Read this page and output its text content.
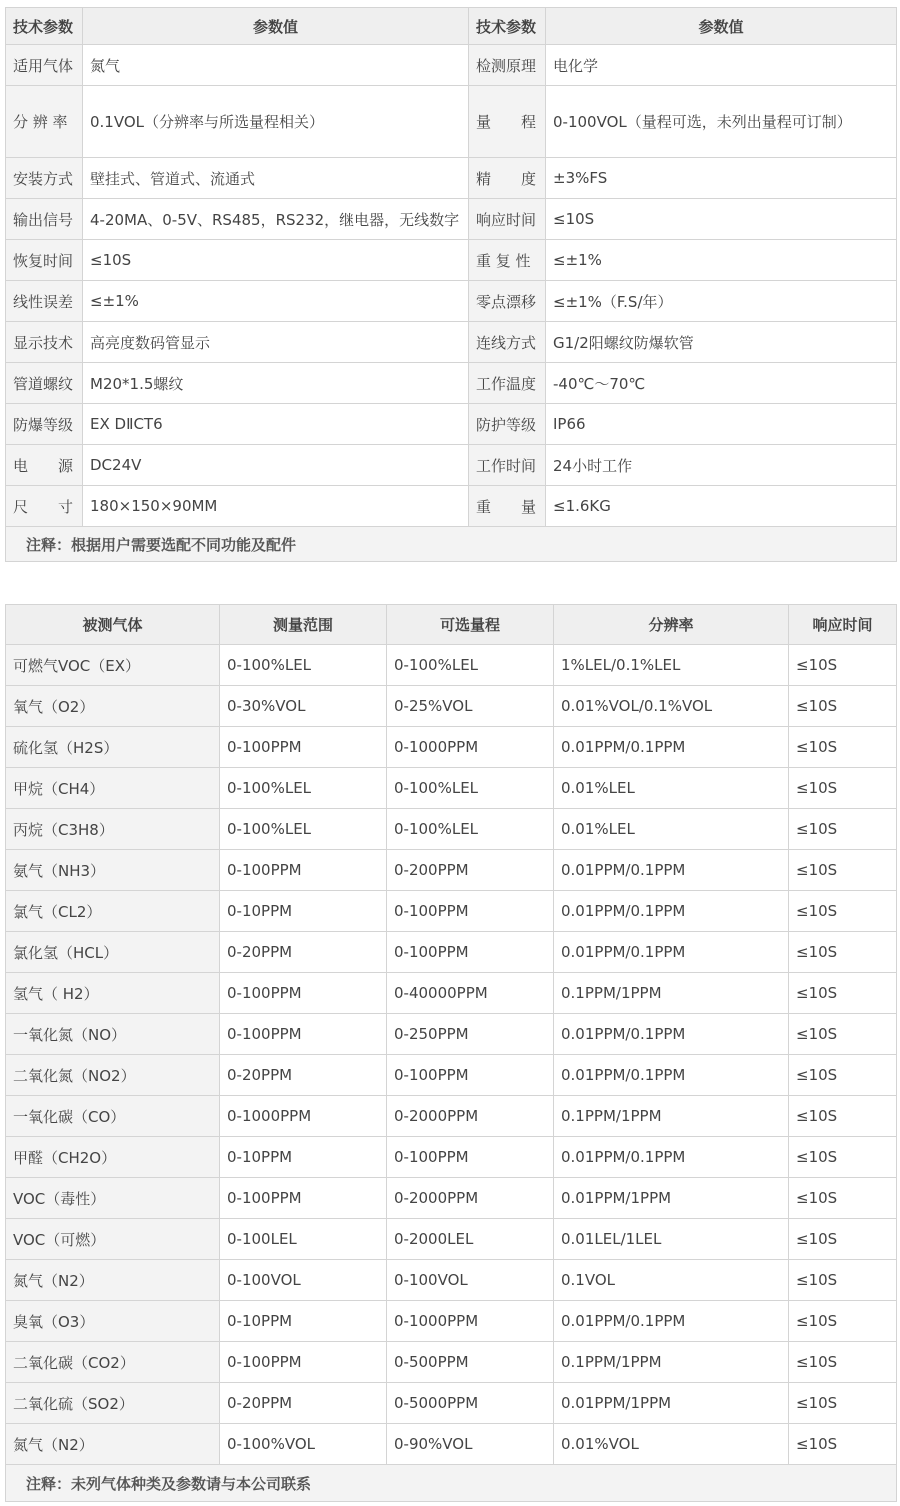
技术参数	参数值	技术参数	参数值
适用气体	氮气	检测原理	电化学
分 辨 率	0.1VOL（分辨率与所选量程相关）	量　　程	0-100VOL（量程可选，未列出量程可订制）
安装方式	壁挂式、管道式、流通式	精　　度	±3%FS
输出信号	4-20MA、0-5V、RS485，RS232，继电器，无线数字	响应时间	≤10S
恢复时间	≤10S	重 复 性	≤±1%
线性误差	≤±1%	零点漂移	≤±1%（F.S/年）
显示技术	高亮度数码管显示	连线方式	G1/2阳螺纹防爆软管
管道螺纹	M20*1.5螺纹	工作温度	-40℃～70℃
防爆等级	EX DⅡCT6	防护等级	IP66
电　　源	DC24V	工作时间	24小时工作
尺　　寸	180×150×90MM	重　　量	≤1.6KG
注释：根据用户需要选配不同功能及配件			
被测气体	测量范围	可选量程	分辨率	响应时间
可燃气VOC（EX）	0-100%LEL	0-100%LEL	1%LEL/0.1%LEL	≤10S
氧气（O2）	0-30%VOL	0-25%VOL	0.01%VOL/0.1%VOL	≤10S
硫化氢（H2S）	0-100PPM	0-1000PPM	0.01PPM/0.1PPM	≤10S
甲烷（CH4）	0-100%LEL	0-100%LEL	0.01%LEL	≤10S
丙烷（C3H8）	0-100%LEL	0-100%LEL	0.01%LEL	≤10S
氨气（NH3）	0-100PPM	0-200PPM	0.01PPM/0.1PPM	≤10S
氯气（CL2）	0-10PPM	0-100PPM	0.01PPM/0.1PPM	≤10S
氯化氢（HCL）	0-20PPM	0-100PPM	0.01PPM/0.1PPM	≤10S
氢气（ H2）	0-100PPM	0-40000PPM	0.1PPM/1PPM	≤10S
一氧化氮（NO）	0-100PPM	0-250PPM	0.01PPM/0.1PPM	≤10S
二氧化氮（NO2）	0-20PPM	0-100PPM	0.01PPM/0.1PPM	≤10S
一氧化碳（CO）	0-1000PPM	0-2000PPM	0.1PPM/1PPM	≤10S
甲醛（CH2O）	0-10PPM	0-100PPM	0.01PPM/0.1PPM	≤10S
VOC（毒性）	0-100PPM	0-2000PPM	0.01PPM/1PPM	≤10S
VOC（可燃）	0-100LEL	0-2000LEL	0.01LEL/1LEL	≤10S
氮气（N2）	0-100VOL	0-100VOL	0.1VOL	≤10S
臭氧（O3）	0-10PPM	0-1000PPM	0.01PPM/0.1PPM	≤10S
二氧化碳（CO2）	0-100PPM	0-500PPM	0.1PPM/1PPM	≤10S
二氧化硫（SO2）	0-20PPM	0-5000PPM	0.01PPM/1PPM	≤10S
氮气（N2）	0-100%VOL	0-90%VOL	0.01%VOL	≤10S
注释：未列气体种类及参数请与本公司联系				
